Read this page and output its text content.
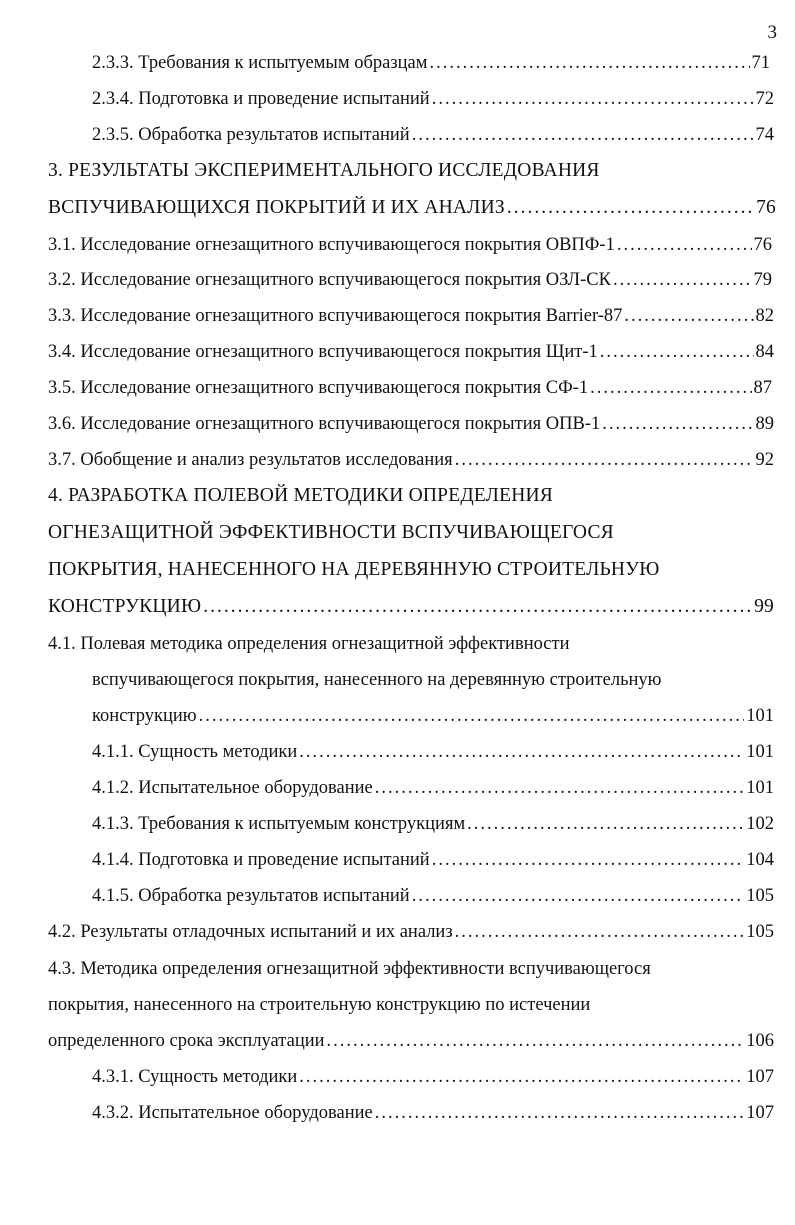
3
2.3.3. Требования к испытуемым образцам .....	71
2.3.4. Подготовка и проведение испытаний .....	72
2.3.5. Обработка результатов испытаний .....	74
3. РЕЗУЛЬТАТЫ ЭКСПЕРИМЕНТАЛЬНОГО ИССЛЕДОВАНИЯ
ВСПУЧИВАЮЩИХСЯ ПОКРЫТИЙ И ИХ АНАЛИЗ .....	76
3.1. Исследование огнезащитного вспучивающегося покрытия ОВПФ-1 .....	76
3.2. Исследование огнезащитного вспучивающегося покрытия ОЗЛ-СК .....	79
3.3. Исследование огнезащитного вспучивающегося покрытия Barrier-87 .....	82
3.4. Исследование огнезащитного вспучивающегося покрытия Щит-1 .....	84
3.5. Исследование огнезащитного вспучивающегося покрытия СФ-1 .....	87
3.6. Исследование огнезащитного вспучивающегося покрытия ОПВ-1 .....	89
3.7. Обобщение и анализ результатов исследования .....	92
4. РАЗРАБОТКА ПОЛЕВОЙ МЕТОДИКИ ОПРЕДЕЛЕНИЯ
ОГНЕЗАЩИТНОЙ ЭФФЕКТИВНОСТИ ВСПУЧИВАЮЩЕГОСЯ
ПОКРЫТИЯ, НАНЕСЕННОГО НА ДЕРЕВЯННУЮ СТРОИТЕЛЬНУЮ
КОНСТРУКЦИЮ .....	99
4.1. Полевая методика определения огнезащитной эффективности
вспучивающегося покрытия, нанесенного на деревянную строительную
конструкцию .....	101
4.1.1. Сущность методики .....	101
4.1.2. Испытательное оборудование .....	101
4.1.3. Требования к испытуемым конструкциям .....	102
4.1.4. Подготовка и проведение испытаний .....	104
4.1.5. Обработка результатов испытаний .....	105
4.2. Результаты отладочных испытаний и их анализ .....	105
4.3. Методика определения огнезащитной эффективности вспучивающегося
покрытия, нанесенного на строительную конструкцию по истечении
определенного срока эксплуатации .....	106
4.3.1. Сущность методики .....	107
4.3.2. Испытательное оборудование .....	107
